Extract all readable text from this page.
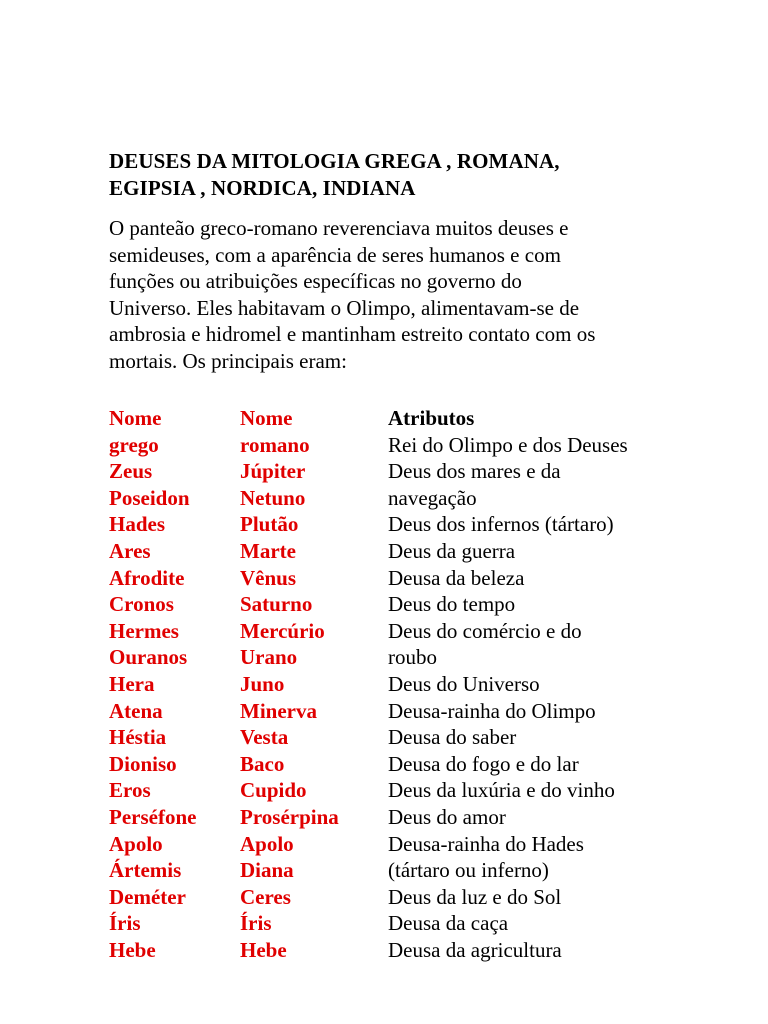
DEUSES DA MITOLOGIA GREGA , ROMANA,
EGIPSIA , NORDICA, INDIANA

O panteão greco-romano reverenciava muitos deuses e
semideuses, com a aparência de seres humanos e com
funções ou atribuições específicas no governo do
Universo. Eles habitavam o Olimpo, alimentavam-se de
ambrosia e hidromel e mantinham estreito contato com os
mortais. Os principais eram:

Nome
grego
Zeus
Poseidon
Hades
Ares
Afrodite
Cronos
Hermes
Ouranos
Hera
Atena
Héstia
Dioniso
Eros
Perséfone
Apolo
Ártemis
Deméter
Íris
Hebe
Nome
romano
Júpiter
Netuno
Plutão
Marte
Vênus
Saturno
Mercúrio
Urano
Juno
Minerva
Vesta
Baco
Cupido
Prosérpina
Apolo
Diana
Ceres
Íris
Hebe
Atributos
Rei do Olimpo e dos Deuses
Deus dos mares e da
navegação
Deus dos infernos (tártaro)
Deus da guerra
Deusa da beleza
Deus do tempo
Deus do comércio e do
roubo
Deus do Universo
Deusa-rainha do Olimpo
Deusa do saber
Deusa do fogo e do lar
Deus da luxúria e do vinho
Deus do amor
Deusa-rainha do Hades
(tártaro ou inferno)
Deus da luz e do Sol
Deusa da caça
Deusa da agricultura
